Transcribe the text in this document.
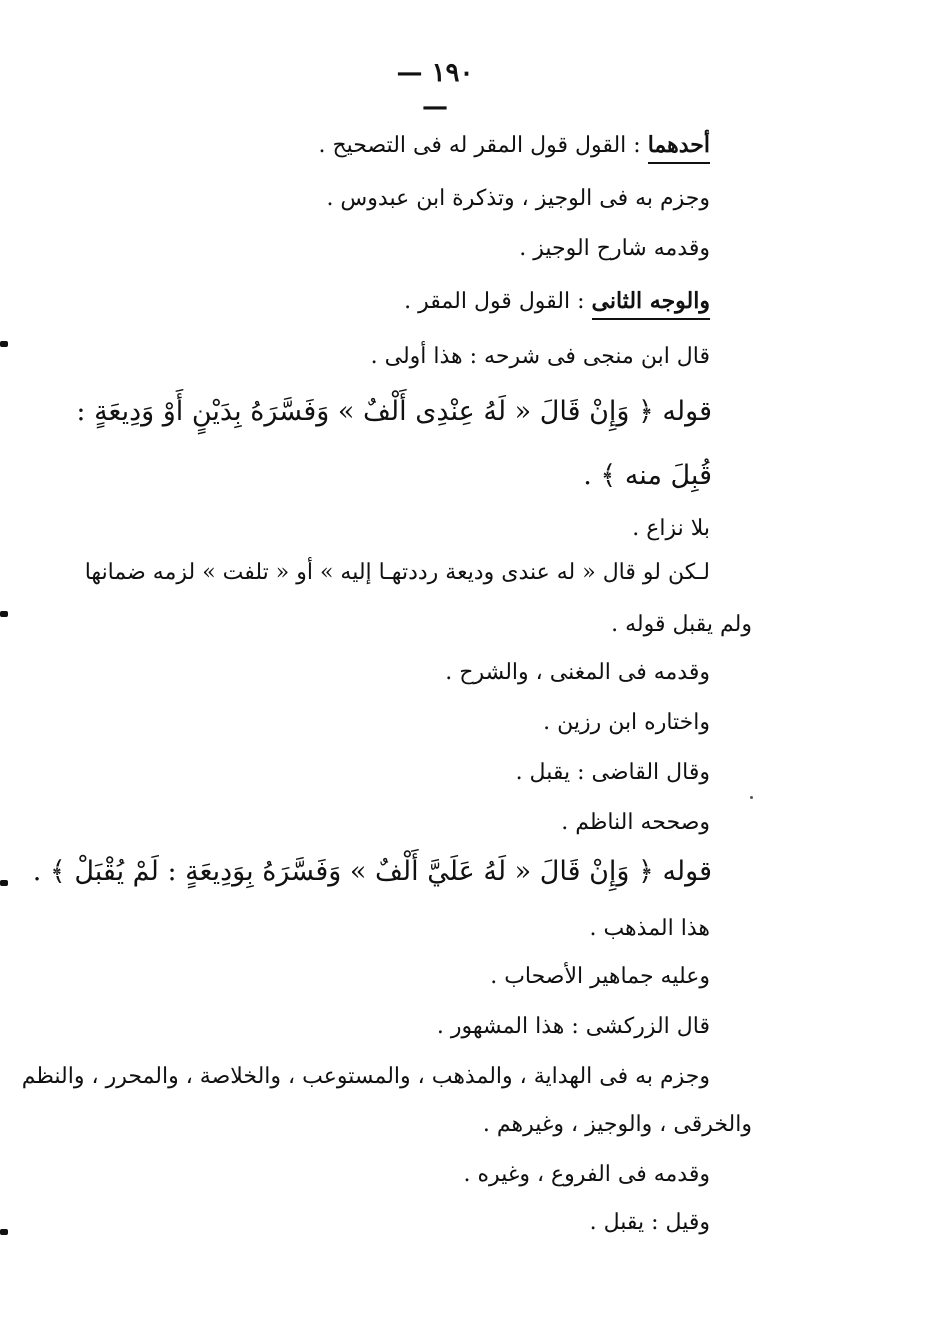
— ١٩٠ —
أحدهما : القول قول المقر له فى التصحيح .
وجزم به فى الوجيز ، وتذكرة ابن عبدوس .
وقدمه شارح الوجيز .
والوجه الثانى : القول قول المقر .
قال ابن منجى فى شرحه : هذا أولى .
قوله ﴿ وَإِنْ قَالَ « لَهُ عِنْدِى أَلْفٌ » وَفَسَّرَهُ بِدَيْنٍ أَوْ وَدِيعَةٍ :
قُبِلَ منه ﴾ .
بلا نزاع .
لـكن لو قال « له عندى وديعة رددتهـا إليه » أو « تلفت » لزمه ضمانها
ولم يقبل قوله .
وقدمه فى المغنى ، والشرح .
واختاره ابن رزين .
وقال القاضى : يقبل .
وصححه الناظم .
قوله ﴿ وَإِنْ قَالَ « لَهُ عَلَيَّ أَلْفٌ » وَفَسَّرَهُ بِوَدِيعَةٍ : لَمْ يُقْبَلْ ﴾ .
هذا المذهب .
وعليه جماهير الأصحاب .
قال الزركشى : هذا المشهور .
وجزم به فى الهداية ، والمذهب ، والمستوعب ، والخلاصة ، والمحرر ، والنظم
والخرقى ، والوجيز ، وغيرهم .
وقدمه فى الفروع ، وغيره .
وقيل : يقبل .
